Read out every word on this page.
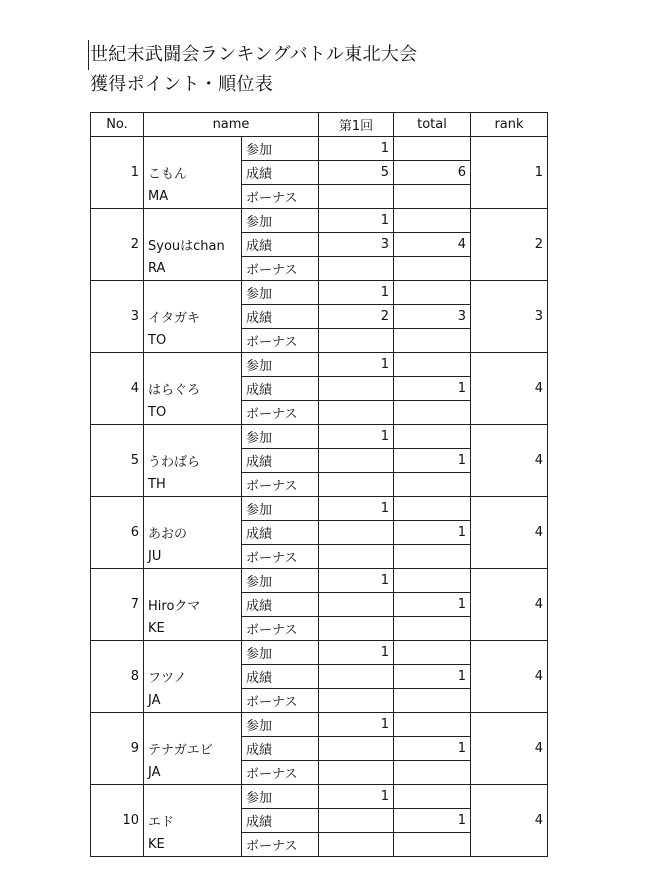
世紀末武闘会ランキングバトル東北大会
獲得ポイント・順位表
No.	name		第1回	total	rank
1		参加	1		1
	こもん	成績	5	6	
	MA	ボーナス			
2		参加	1		2
	Syouはchan	成績	3	4	
	RA	ボーナス			
3		参加	1		3
	イタガキ	成績	2	3	
	TO	ボーナス			
4		参加	1		4
	はらぐろ	成績		1	
	TO	ボーナス			
5		参加	1		4
	うわばら	成績		1	
	TH	ボーナス			
6		参加	1		4
	あおの	成績		1	
	JU	ボーナス			
7		参加	1		4
	Hiroクマ	成績		1	
	KE	ボーナス			
8		参加	1		4
	フツノ	成績		1	
	JA	ボーナス			
9		参加	1		4
	テナガエビ	成績		1	
	JA	ボーナス			
10		参加	1		4
	エド	成績		1	
	KE	ボーナス			
